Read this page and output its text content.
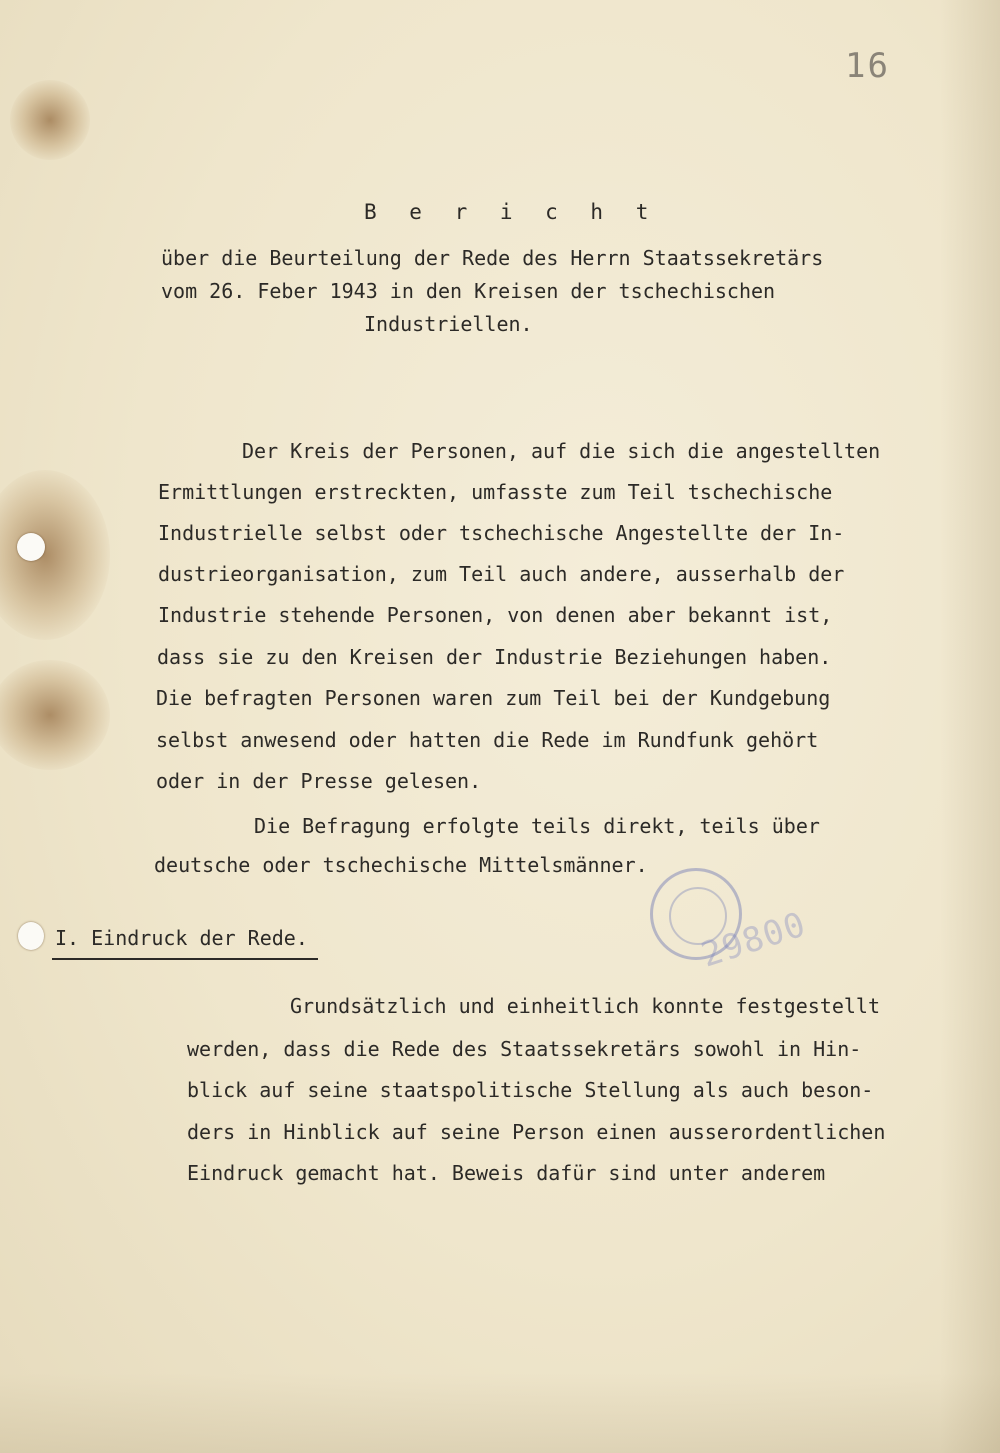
16
B e r i c h t

über die Beurteilung der Rede des Herrn Staatssekretärs

vom 26. Feber 1943 in den Kreisen der tschechischen

Industriellen.

Der Kreis der Personen, auf die sich die angestellten

Ermittlungen erstreckten, umfasste zum Teil tschechische

Industrielle selbst oder tschechische Angestellte der In-

dustrieorganisation, zum Teil auch andere, ausserhalb der

Industrie stehende Personen, von denen aber bekannt ist,

dass sie zu den Kreisen der Industrie Beziehungen haben.

Die befragten Personen waren zum Teil bei der Kundgebung

selbst anwesend oder hatten die Rede im Rundfunk gehört

oder in der Presse gelesen.

Die Befragung erfolgte teils direkt, teils über

deutsche oder tschechische Mittelsmänner.

29800
I. Eindruck der Rede.

Grundsätzlich und einheitlich konnte festgestellt

werden, dass die Rede des Staatssekretärs sowohl in Hin-

blick auf seine staatspolitische Stellung als auch beson-

ders in Hinblick auf seine Person einen ausserordentlichen

Eindruck gemacht hat. Beweis dafür sind unter anderem
